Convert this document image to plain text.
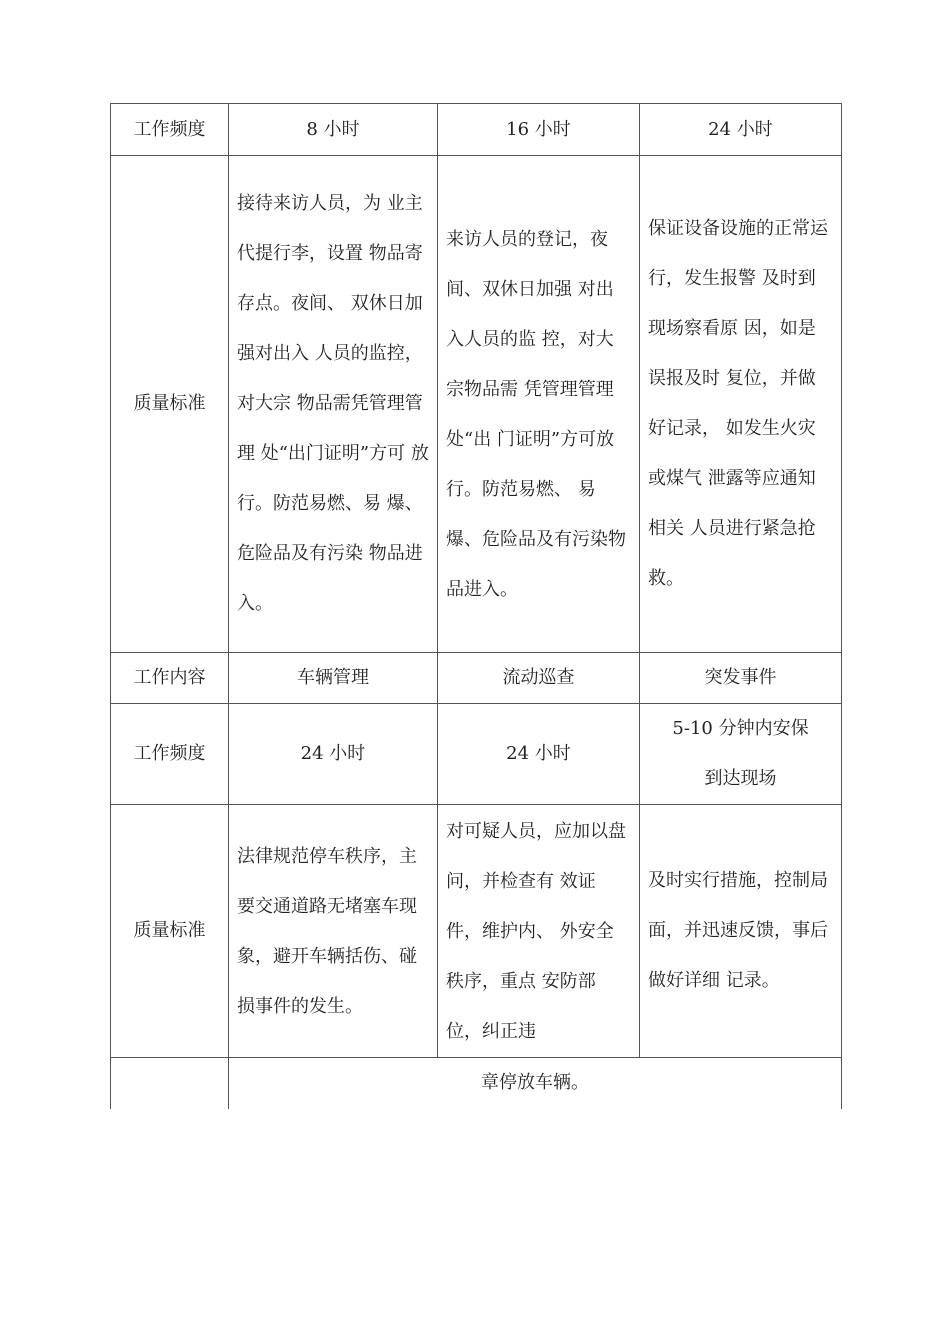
工作频度	8 小时	16 小时	24 小时
质量标准	接待来访人员，为 业主代提行李，设置 物品寄存点。夜间、 双休日加强对出入 人员的监控，对大宗 物品需凭管理管理 处“出门证明”方可 放行。防范易燃、易 爆、危险品及有污染 物品进入。	来访人员的登记，夜间、双休日加强 对出入人员的监 控，对大宗物品需 凭管理管理处“出 门证明”方可放行。防范易燃、 易爆、危险品及有污染物 品进入。	保证设备设施的正常运行，发生报警 及时到现场察看原 因，如是误报及时 复位，并做好记录， 如发生火灾或煤气 泄露等应通知相关 人员进行紧急抢 救。
工作内容	车辆管理	流动巡查	突发事件
工作频度	24 小时	24 小时	5-10 分钟内安保到达现场
质量标准	法律规范停车秩序，主 要交通道路无堵塞车现象，避开车辆括伤、碰损事件的发生。	对可疑人员，应加以盘问，并检查有 效证件，维护内、 外安全秩序，重点 安防部位，纠正违	及时实行措施，控制局面，并迅速反馈，事后做好详细 记录。
	章停放车辆。		
